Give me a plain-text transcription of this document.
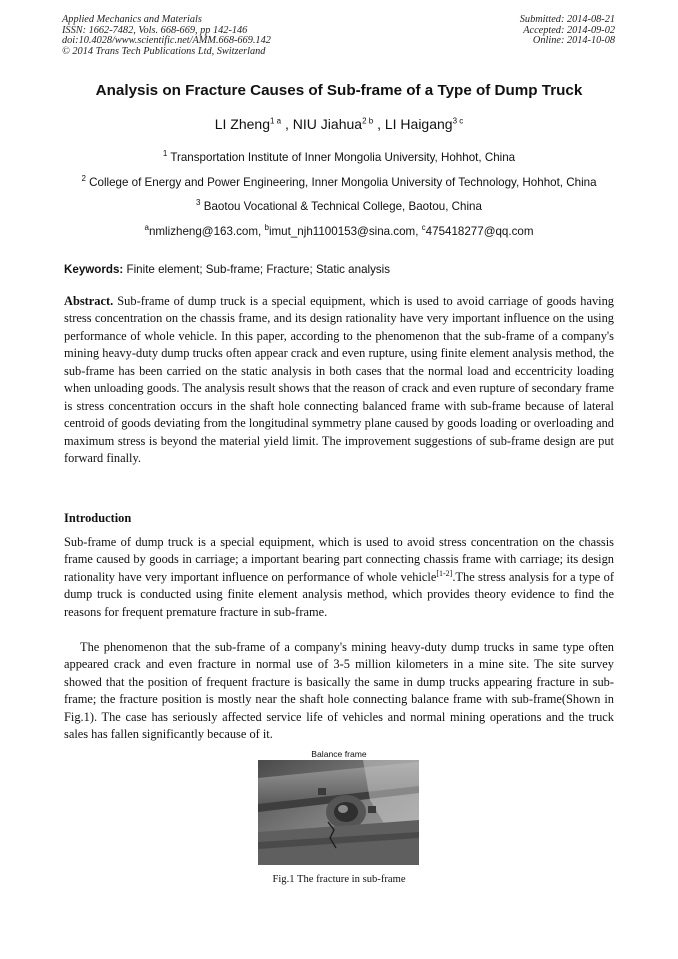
Applied Mechanics and Materials
ISSN: 1662-7482, Vols. 668-669, pp 142-146
doi:10.4028/www.scientific.net/AMM.668-669.142
© 2014 Trans Tech Publications Ltd, Switzerland
Submitted: 2014-08-21
Accepted: 2014-09-02
Online: 2014-10-08
Analysis on Fracture Causes of Sub-frame of a Type of Dump Truck
LI Zheng$^{1 a}$ , NIU Jiahua$^{2 b}$ , LI Haigang$^{3 c}$
$^1$ Transportation Institute of Inner Mongolia University, Hohhot, China
$^2$ College of Energy and Power Engineering, Inner Mongolia University of Technology, Hohhot, China
$^3$ Baotou Vocational & Technical College, Baotou, China
$^a$nmlizheng@163.com, $^b$imut_njh1100153@sina.com, $^c$475418277@qq.com
Keywords: Finite element; Sub-frame; Fracture; Static analysis
Abstract. Sub-frame of dump truck is a special equipment, which is used to avoid carriage of goods having stress concentration on the chassis frame, and its design rationality have very important influence on the using performance of whole vehicle. In this paper, according to the phenomenon that the sub-frame of a company's mining heavy-duty dump trucks often appear crack and even rupture, using finite element analysis method, the sub-frame has been carried on the static analysis in both cases that the normal load and eccentricity loading when unloading goods. The analysis result shows that the reason of crack and even rupture of secondary frame is stress concentration occurs in the shaft hole connecting balanced frame with sub-frame because of lateral centroid of goods deviating from the longitudinal symmetry plane caused by goods loading or overloading and maximum stress is beyond the material yield limit. The improvement suggestions of sub-frame design are put forward finally.
Introduction
Sub-frame of dump truck is a special equipment, which is used to avoid stress concentration on the chassis frame caused by goods in carriage; a important bearing part connecting chassis frame with carriage; its design rationality have very important influence on performance of whole vehicle[1-2].The stress analysis for a type of dump truck is conducted using finite element analysis method, which provides theory evidence to find the reasons for frequent premature fracture in sub-frame.
The phenomenon that the sub-frame of a company's mining heavy-duty dump trucks in same type often appeared crack and even fracture in normal use of 3-5 million kilometers in a mine site. The site survey showed that the position of frequent fracture is basically the same in dump trucks appearing fracture in sub-frame; the fracture position is mostly near the shaft hole connecting balance frame with sub-frame(Shown in Fig.1). The case has seriously affected service life of vehicles and normal mining operations and the truck sales has fallen significantly because of it.
Balance frame
Fig.1 The fracture in sub-frame
